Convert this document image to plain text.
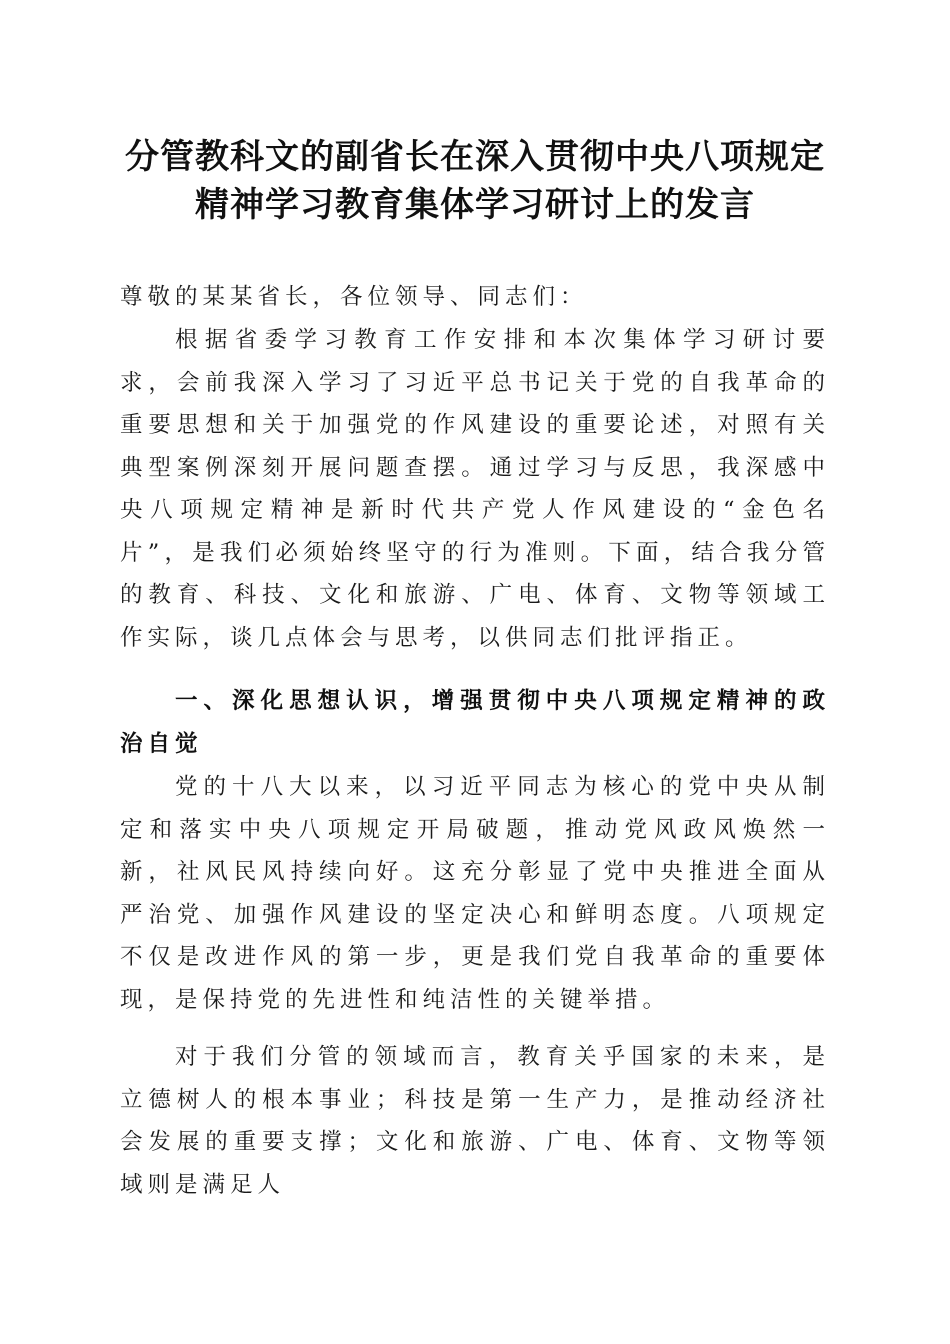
分管教科文的副省长在深入贯彻中央八项规定
精神学习教育集体学习研讨上的发言
尊敬的某某省长，各位领导、同志们：
根据省委学习教育工作安排和本次集体学习研讨要求，会前我深入学习了习近平总书记关于党的自我革命的重要思想和关于加强党的作风建设的重要论述，对照有关典型案例深刻开展问题查摆。通过学习与反思，我深感中央八项规定精神是新时代共产党人作风建设的“金色名片”，是我们必须始终坚守的行为准则。下面，结合我分管的教育、科技、文化和旅游、广电、体育、文物等领域工作实际，谈几点体会与思考，以供同志们批评指正。
一、深化思想认识，增强贯彻中央八项规定精神的政治自觉
党的十八大以来，以习近平同志为核心的党中央从制定和落实中央八项规定开局破题，推动党风政风焕然一新，社风民风持续向好。这充分彰显了党中央推进全面从严治党、加强作风建设的坚定决心和鲜明态度。八项规定不仅是改进作风的第一步，更是我们党自我革命的重要体现，是保持党的先进性和纯洁性的关键举措。
对于我们分管的领域而言，教育关乎国家的未来，是立德树人的根本事业；科技是第一生产力，是推动经济社会发展的重要支撑；文化和旅游、广电、体育、文物等领域则是满足人
